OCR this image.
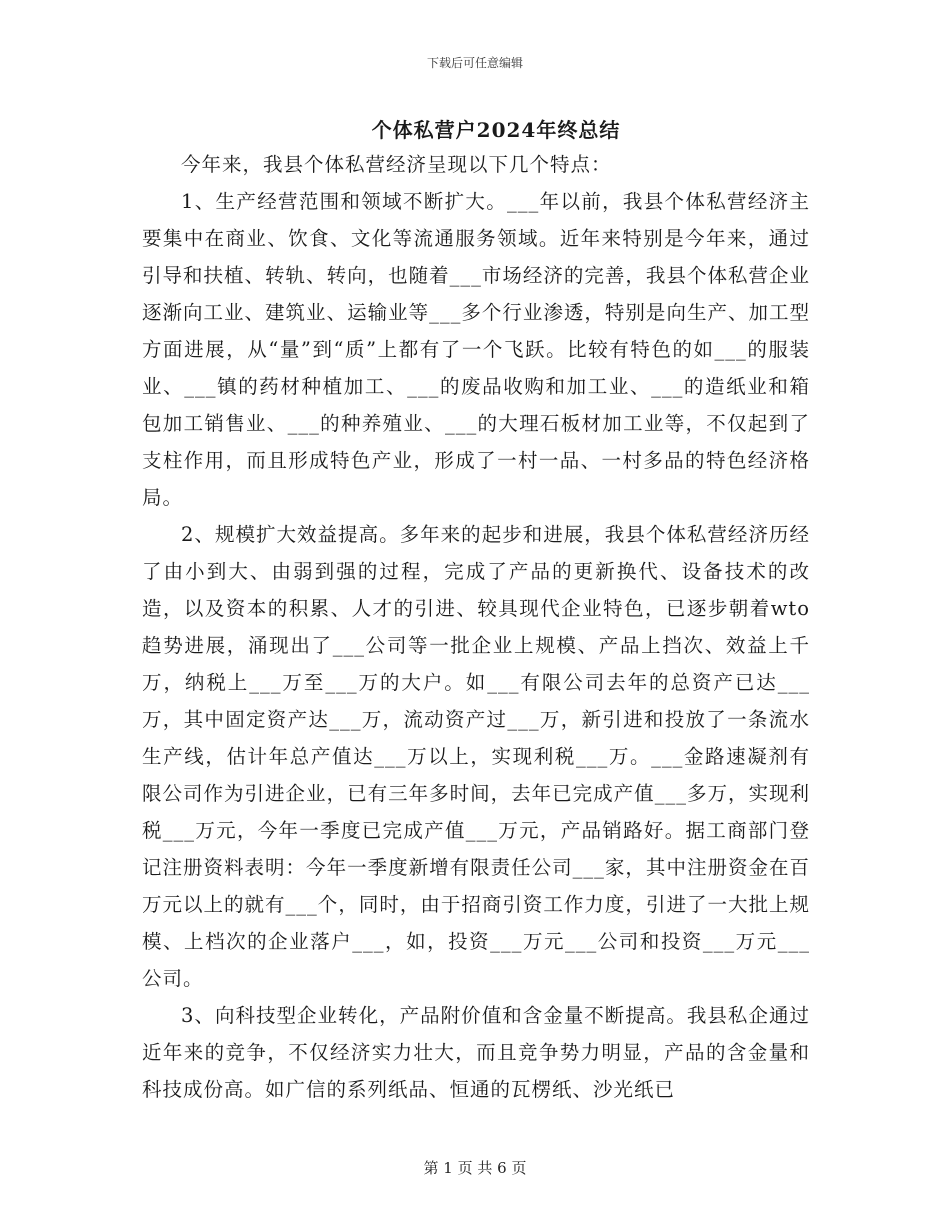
下载后可任意编辑
个体私营户2024年终总结

今年来，我县个体私营经济呈现以下几个特点：

1、生产经营范围和领域不断扩大。___年以前，我县个体私营经济主要集中在商业、饮食、文化等流通服务领域。近年来特别是今年来，通过引导和扶植、转轨、转向，也随着___市场经济的完善，我县个体私营企业逐渐向工业、建筑业、运输业等___多个行业渗透，特别是向生产、加工型方面进展，从“量”到“质”上都有了一个飞跃。比较有特色的如___的服装业、___镇的药材种植加工、___的废品收购和加工业、___的造纸业和箱包加工销售业、___的种养殖业、___的大理石板材加工业等，不仅起到了支柱作用，而且形成特色产业，形成了一村一品、一村多品的特色经济格局。

2、规模扩大效益提高。多年来的起步和进展，我县个体私营经济历经了由小到大、由弱到强的过程，完成了产品的更新换代、设备技术的改造，以及资本的积累、人才的引进、较具现代企业特色，已逐步朝着wto趋势进展，涌现出了___公司等一批企业上规模、产品上挡次、效益上千万，纳税上___万至___万的大户。如___有限公司去年的总资产已达___万，其中固定资产达___万，流动资产过___万，新引进和投放了一条流水生产线，估计年总产值达___万以上，实现利税___万。___金路速凝剂有限公司作为引进企业，已有三年多时间，去年已完成产值___多万，实现利税___万元，今年一季度已完成产值___万元，产品销路好。据工商部门登记注册资料表明：今年一季度新增有限责任公司___家，其中注册资金在百万元以上的就有___个，同时，由于招商引资工作力度，引进了一大批上规模、上档次的企业落户___，如，投资___万元___公司和投资___万元___公司。

3、向科技型企业转化，产品附价值和含金量不断提高。我县私企通过近年来的竞争，不仅经济实力壮大，而且竞争势力明显，产品的含金量和科技成份高。如广信的系列纸品、恒通的瓦楞纸、沙光纸已

第 1 页 共 6 页
